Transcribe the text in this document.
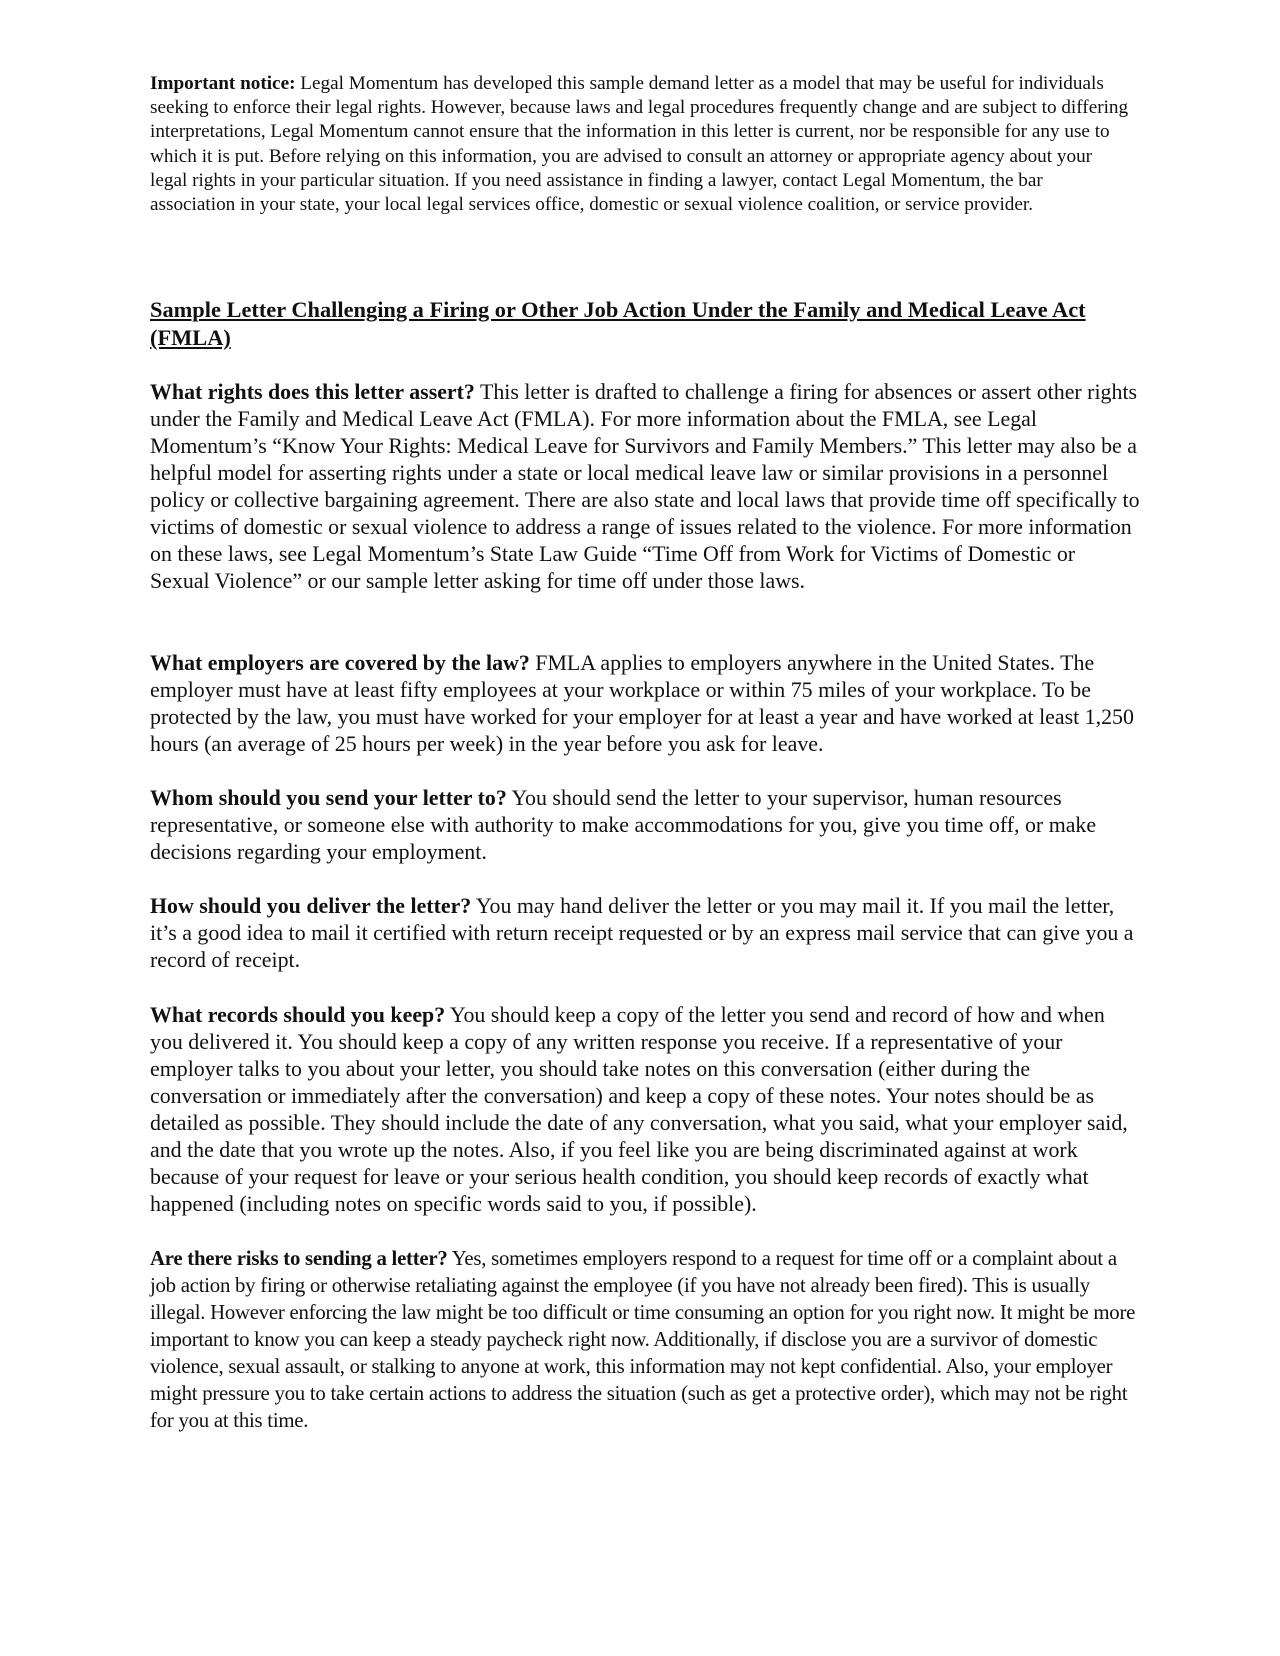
Important notice: Legal Momentum has developed this sample demand letter as a model that may be useful for individuals seeking to enforce their legal rights. However, because laws and legal procedures frequently change and are subject to differing interpretations, Legal Momentum cannot ensure that the information in this letter is current, nor be responsible for any use to which it is put. Before relying on this information, you are advised to consult an attorney or appropriate agency about your legal rights in your particular situation. If you need assistance in finding a lawyer, contact Legal Momentum, the bar association in your state, your local legal services office, domestic or sexual violence coalition, or service provider.

Sample Letter Challenging a Firing or Other Job Action Under the Family and Medical Leave Act (FMLA)

What rights does this letter assert? This letter is drafted to challenge a firing for absences or assert other rights under the Family and Medical Leave Act (FMLA). For more information about the FMLA, see Legal Momentum’s “Know Your Rights: Medical Leave for Survivors and Family Members.” This letter may also be a helpful model for asserting rights under a state or local medical leave law or similar provisions in a personnel policy or collective bargaining agreement. There are also state and local laws that provide time off specifically to victims of domestic or sexual violence to address a range of issues related to the violence. For more information on these laws, see Legal Momentum’s State Law Guide “Time Off from Work for Victims of Domestic or Sexual Violence” or our sample letter asking for time off under those laws.

What employers are covered by the law? FMLA applies to employers anywhere in the United States. The employer must have at least fifty employees at your workplace or within 75 miles of your workplace. To be protected by the law, you must have worked for your employer for at least a year and have worked at least 1,250 hours (an average of 25 hours per week) in the year before you ask for leave.

Whom should you send your letter to? You should send the letter to your supervisor, human resources representative, or someone else with authority to make accommodations for you, give you time off, or make decisions regarding your employment.

How should you deliver the letter? You may hand deliver the letter or you may mail it. If you mail the letter, it’s a good idea to mail it certified with return receipt requested or by an express mail service that can give you a record of receipt.

What records should you keep? You should keep a copy of the letter you send and record of how and when you delivered it. You should keep a copy of any written response you receive. If a representative of your employer talks to you about your letter, you should take notes on this conversation (either during the conversation or immediately after the conversation) and keep a copy of these notes. Your notes should be as detailed as possible. They should include the date of any conversation, what you said, what your employer said, and the date that you wrote up the notes. Also, if you feel like you are being discriminated against at work because of your request for leave or your serious health condition, you should keep records of exactly what happened (including notes on specific words said to you, if possible).

Are there risks to sending a letter? Yes, sometimes employers respond to a request for time off or a complaint about a job action by firing or otherwise retaliating against the employee (if you have not already been fired). This is usually illegal. However enforcing the law might be too difficult or time consuming an option for you right now. It might be more important to know you can keep a steady paycheck right now. Additionally, if disclose you are a survivor of domestic violence, sexual assault, or stalking to anyone at work, this information may not kept confidential. Also, your employer might pressure you to take certain actions to address the situation (such as get a protective order), which may not be right for you at this time.
